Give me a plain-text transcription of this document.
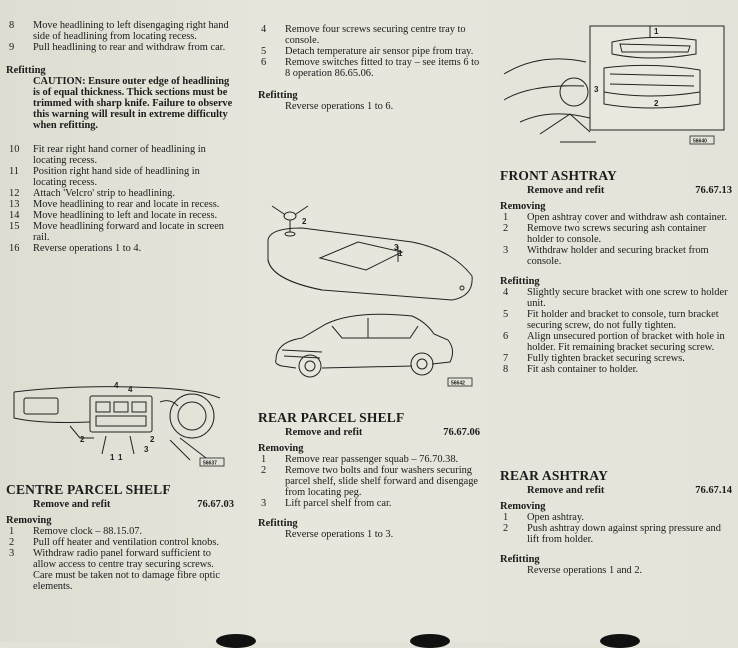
8 Move headlining to left disengaging right hand side of headlining from locating recess.
9 Pull headlining to rear and withdraw from car.
Refitting
CAUTION: Ensure outer edge of headlining is of equal thickness. Thick sections must be trimmed with sharp knife. Failure to observe this warning will result in extreme difficulty when refitting.
10 Fit rear right hand corner of headlining in locating recess.
11 Position right hand side of headlining in locating recess.
12 Attach 'Velcro' strip to headlining.
13 Move headlining to rear and locate in recess.
14 Move headlining to left and locate in recess.
15 Move headlining forward and locate in screen rail.
16 Reverse operations 1 to 4.
4 4
2
1
3
2
1
56637
CENTRE PARCEL SHELF
Remove and refit	76.67.03
Removing
1 Remove clock – 88.15.07.
2 Pull off heater and ventilation control knobs.
3 Withdraw radio panel forward sufficient to allow access to centre tray securing screws. Care must be taken not to damage fibre optic elements.
4 Remove four screws securing centre tray to console.
5 Detach temperature air sensor pipe from tray.
6 Remove switches fitted to tray – see items 6 to 8 operation 86.65.06.
Refitting
Reverse operations 1 to 6.
2
3
1
56642
REAR PARCEL SHELF
Remove and refit	76.67.06
Removing
1 Remove rear passenger squab – 76.70.38.
2 Remove two bolts and four washers securing parcel shelf, slide shelf forward and disengage from locating peg.
3 Lift parcel shelf from car.
Refitting
Reverse operations 1 to 3.
1
3
2
56640
FRONT ASHTRAY
Remove and refit	76.67.13
Removing
1 Open ashtray cover and withdraw ash container.
2 Remove two screws securing ash container holder to console.
3 Withdraw holder and securing bracket from console.
Refitting
4 Slightly secure bracket with one screw to holder unit.
5 Fit holder and bracket to console, turn bracket securing screw, do not fully tighten.
6 Align unsecured portion of bracket with hole in holder. Fit remaining bracket securing screw.
7 Fully tighten bracket securing screws.
8 Fit ash container to holder.
REAR ASHTRAY
Remove and refit	76.67.14
Removing
1 Open ashtray.
2 Push ashtray down against spring pressure and lift from holder.
Refitting
Reverse operations 1 and 2.
